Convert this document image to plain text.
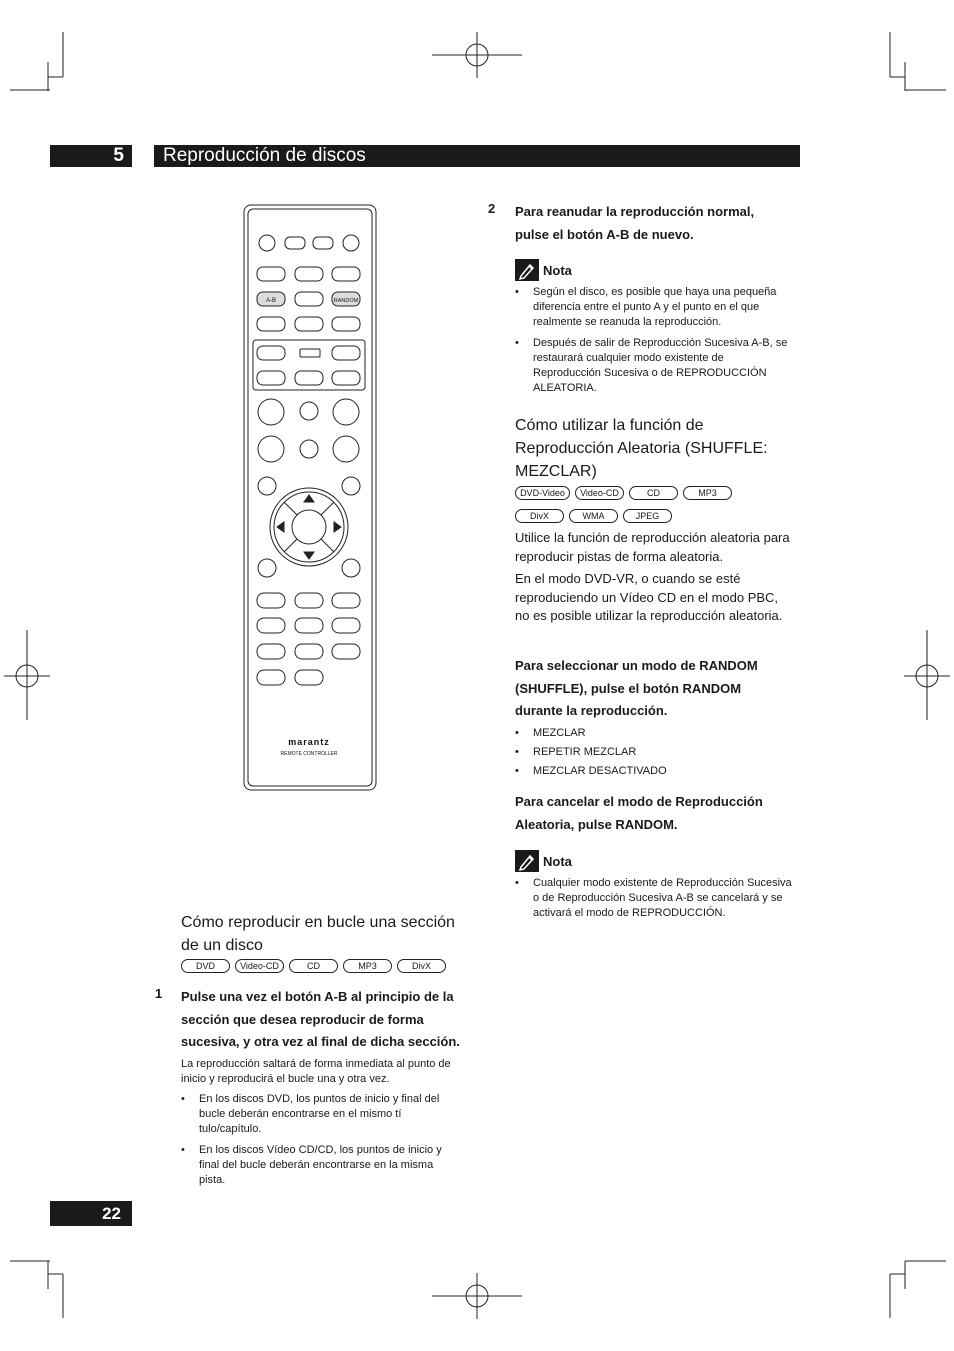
5	Reproducción de discos
A-B	RANDOM
marantz
REMOTE CONTROLLER
Cómo reproducir en bucle una sección de un disco
DVD	Video-CD	CD	MP3	DivX
1 Pulse una vez el botón A-B al principio de la sección que desea reproducir de forma sucesiva, y otra vez al final de dicha sección.
La reproducción saltará de forma inmediata al punto de inicio y reproducirá el bucle una y otra vez.
• En los discos DVD, los puntos de inicio y final del bucle deberán encontrarse en el mismo tí tulo/capítulo.
• En los discos Vídeo CD/CD, los puntos de inicio y final del bucle deberán encontrarse en la misma pista.
2 Para reanudar la reproducción normal, pulse el botón A-B de nuevo.
Nota
• Según el disco, es posible que haya una pequeña diferencia entre el punto A y el punto en el que realmente se reanuda la reproducción.
• Después de salir de Reproducción Sucesiva A-B, se restaurará cualquier modo existente de Reproducción Sucesiva o de REPRODUCCIÓN ALEATORIA.
Cómo utilizar la función de Reproducción Aleatoria (SHUFFLE: MEZCLAR)
DVD-Video	Video-CD	CD	MP3
DivX	WMA	JPEG
Utilice la función de reproducción aleatoria para reproducir pistas de forma aleatoria.
En el modo DVD-VR, o cuando se esté reproduciendo un Vídeo CD en el modo PBC, no es posible utilizar la reproducción aleatoria.
Para seleccionar un modo de RANDOM (SHUFFLE), pulse el botón RANDOM durante la reproducción.
• MEZCLAR
• REPETIR MEZCLAR
• MEZCLAR DESACTIVADO
Para cancelar el modo de Reproducción Aleatoria, pulse RANDOM.
Nota
• Cualquier modo existente de Reproducción Sucesiva o de Reproducción Sucesiva A-B se cancelará y se activará el modo de REPRODUCCIÓN.
22
